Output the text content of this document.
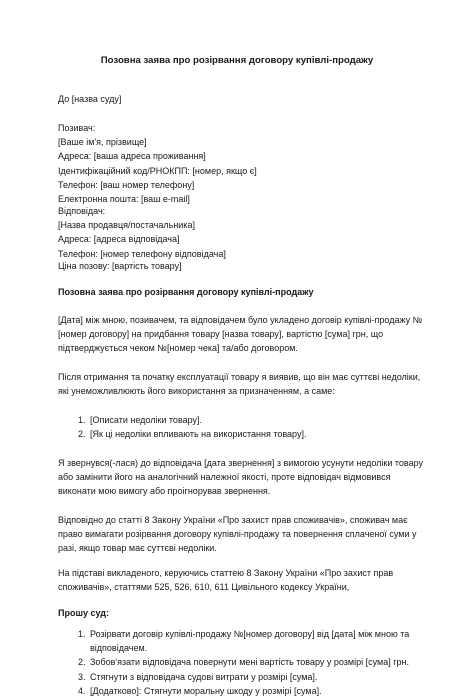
Позовна заява про розірвання договору купівлі-продажу

До [назва суду]

Позивач:

[Ваше ім'я, прізвище]

Адреса: [ваша адреса проживання]

Ідентифікаційний код/РНОКПП: [номер, якщо є]

Телефон: [ваш номер телефону]

Електронна пошта: [ваш e-mail]

Відповідач:

[Назва продавця/постачальника]

Адреса: [адреса відповідача]

Телефон: [номер телефону відповідача]

Ціна позову: [вартість товару]

Позовна заява про розірвання договору купівлі-продажу

[Дата] між мною, позивачем, та відповідачем було укладено договір купівлі-продажу №[номер договору] на придбання товару [назва товару], вартістю [сума] грн, що підтверджується чеком №[номер чека] та/або договором.

Після отримання та початку експлуатації товару я виявив, що він має суттєві недоліки, які унеможливлюють його використання за призначенням, а саме:

1. [Описати недоліки товару].
2. [Як ці недоліки впливають на використання товару].

Я звернувся(-лася) до відповідача [дата звернення] з вимогою усунути недоліки товару або замінити його на аналогічний належної якості, проте відповідач відмовився виконати мою вимогу або проігнорував звернення.

Відповідно до статті 8 Закону України «Про захист прав споживачів», споживач має право вимагати розірвання договору купівлі-продажу та повернення сплаченої суми у разі, якщо товар має суттєві недоліки.

На підставі викладеного, керуючись статтею 8 Закону України «Про захист прав споживачів», статтями 525, 526, 610, 611 Цивільного кодексу України,

Прошу суд:

1. Розірвати договір купівлі-продажу №[номер договору] від [дата] між мною та відповідачем.
2. Зобов'язати відповідача повернути мені вартість товару у розмірі [сума] грн.
3. Стягнути з відповідача судові витрати у розмірі [сума].
4. [Додатково]: Стягнути моральну шкоду у розмірі [сума].
